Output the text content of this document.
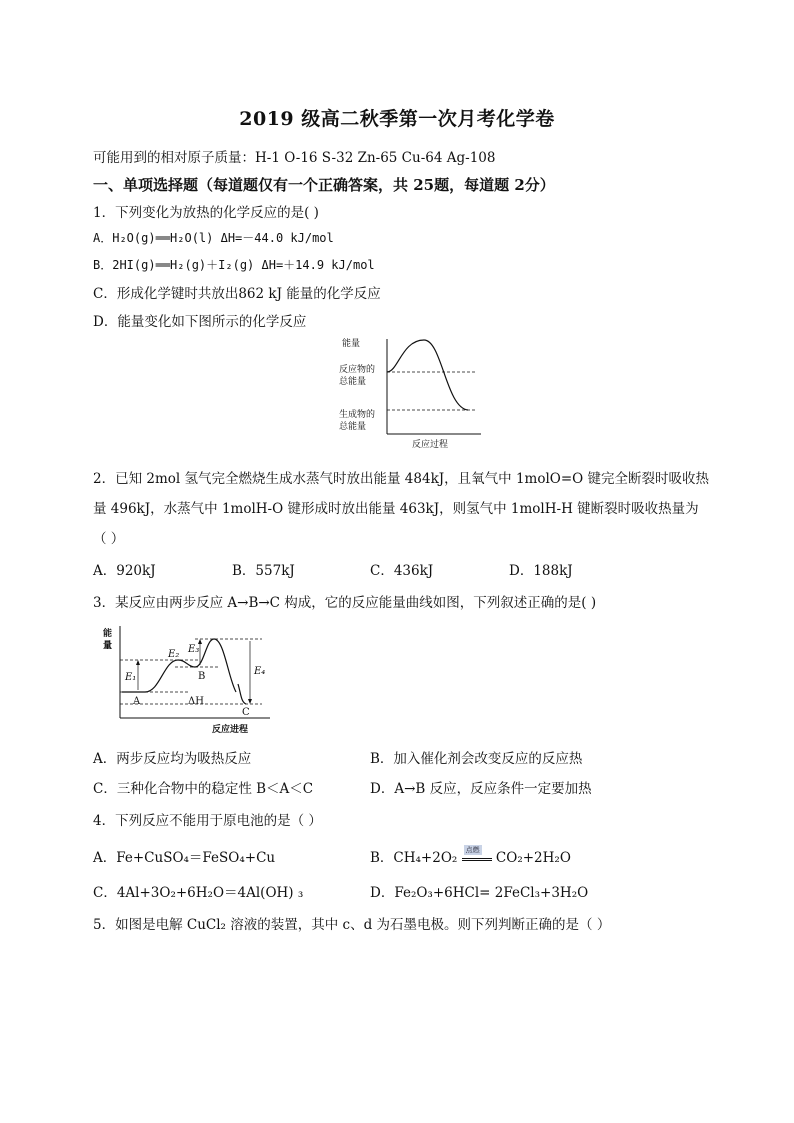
2019 级高二秋季第一次月考化学卷
可能用到的相对原子质量：H-1 O-16 S-32 Zn-65 Cu-64 Ag-108
一、单项选择题（每道题仅有一个正确答案，共 25题，每道题 2分）
1．下列变化为放热的化学反应的是( )
A．H₂O(g)══H₂O(l) ΔH=－44.0 kJ/mol
B．2HI(g)══H₂(g)＋I₂(g) ΔH=＋14.9 kJ/mol
C．形成化学键时共放出862 kJ 能量的化学反应
D．能量变化如下图所示的化学反应
能量
反应物的
总能量
生成物的
总能量
反应过程
2．已知 2mol 氢气完全燃烧生成水蒸气时放出能量 484kJ，且氧气中 1molO=O 键完全断裂时吸收热
量 496kJ，水蒸气中 1molH-O 键形成时放出能量 463kJ，则氢气中 1molH-H 键断裂时吸收热量为
（ ）
A．920kJ	B．557kJ	C．436kJ	D．188kJ
3．某反应由两步反应 A→B→C 构成，它的反应能量曲线如图，下列叙述正确的是( )
能
量
E₁
E₂ E₃
E₄
A
B
C
ΔH
反应进程
A．两步反应均为吸热反应	B．加入催化剂会改变反应的反应热
C．三种化合物中的稳定性 B＜A＜C	D．A→B 反应，反应条件一定要加热
4．下列反应不能用于原电池的是（ ）
A．Fe+CuSO₄＝FeSO₄+Cu	B．CH₄+2O₂ 点燃 CO₂+2H₂O
C．4Al+3O₂+6H₂O＝4Al(OH) ₃	D．Fe₂O₃+6HCl= 2FeCl₃+3H₂O
5．如图是电解 CuCl₂ 溶液的装置，其中 c、d 为石墨电极。则下列判断正确的是（ ）
